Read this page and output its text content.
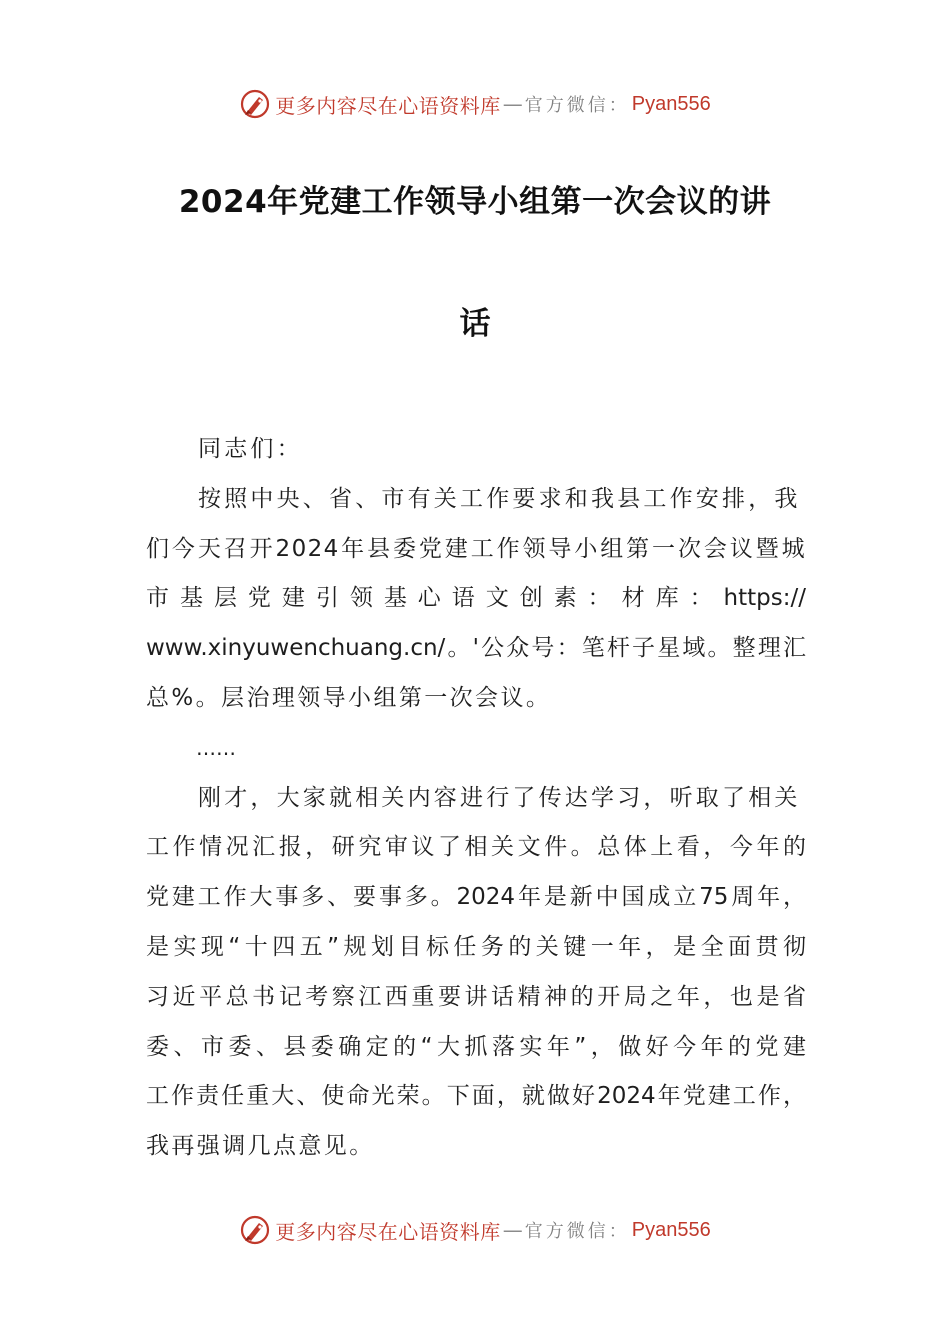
更多内容尽在心语资料库 — 官方微信： Pyan556
2024年党建工作领导小组第一次会议的讲
话
同志们：
按照中央、省、市有关工作要求和我县工作安排，我
们今天召开2024年县委党建工作领导小组第一次会议暨城
市基层党建引领基心语文创素：材库：https://
www.xinyuwenchuang.cn/。'公众号：笔杆子星域。整理汇
总%。层治理领导小组第一次会议。
……
刚才，大家就相关内容进行了传达学习，听取了相关
工作情况汇报，研究审议了相关文件。总体上看，今年的
党建工作大事多、要事多。2024年是新中国成立75周年，
是实现“十四五”规划目标任务的关键一年，是全面贯彻
习近平总书记考察江西重要讲话精神的开局之年，也是省
委、市委、县委确定的“大抓落实年”，做好今年的党建
工作责任重大、使命光荣。下面，就做好2024年党建工作，
我再强调几点意见。
更多内容尽在心语资料库 — 官方微信： Pyan556
